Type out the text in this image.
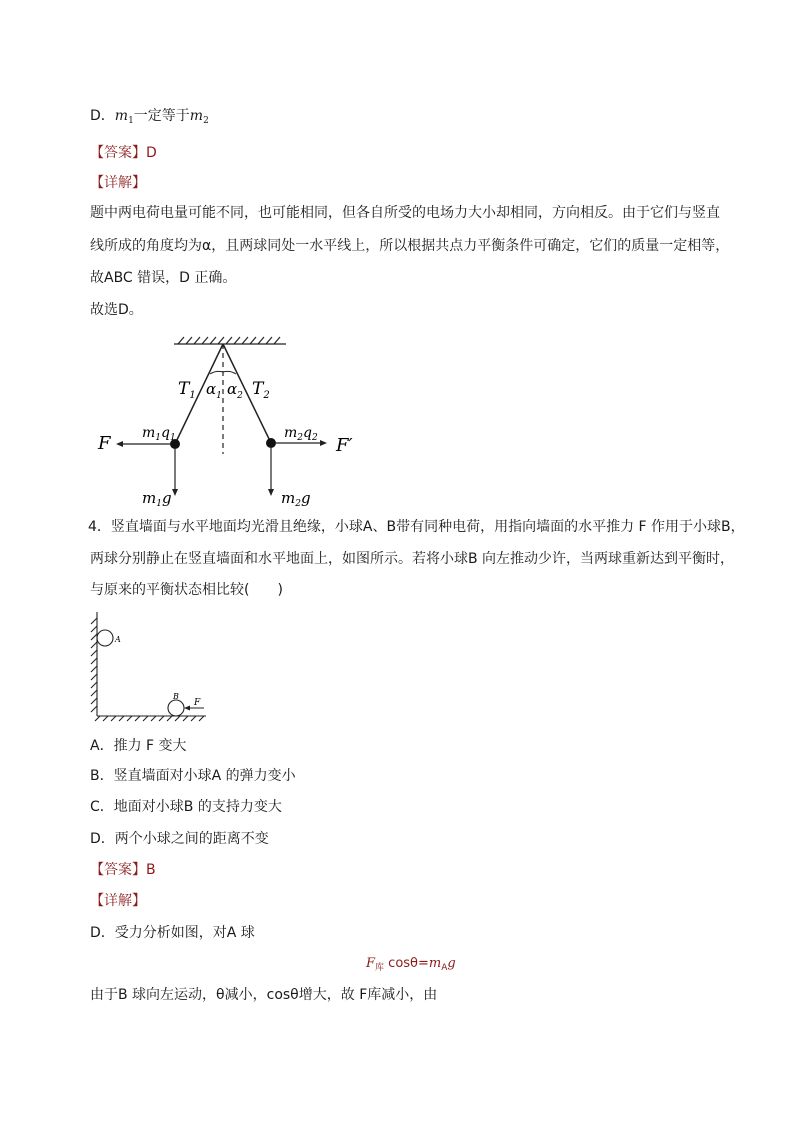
D．$m_1$一定等于$m_2$
【答案】D
【详解】
题中两电荷电量可能不同，也可能相同，但各自所受的电场力大小却相同，方向相反。由于它们与竖直
线所成的角度均为α，且两球同处一水平线上，所以根据共点力平衡条件可确定，它们的质量一定相等，
故ABC 错误，D 正确。
故选D。
$T_1$	$T_2$
$\alpha_1$ $\alpha_2$
$m_1q_1$	$m_2q_2$
F	F′
$m_1g$	$m_2g$
4．竖直墙面与水平地面均光滑且绝缘，小球A、B带有同种电荷，用指向墙面的水平推力 F 作用于小球B，
两球分别静止在竖直墙面和水平地面上，如图所示。若将小球B 向左推动少许，当两球重新达到平衡时，
与原来的平衡状态相比较(　　)
A
B
F
A．推力 F 变大
B．竖直墙面对小球A 的弹力变小
C．地面对小球B 的支持力变大
D．两个小球之间的距离不变
【答案】B
【详解】
D．受力分析如图，对A 球
$F_库$ $\cos\theta=m_Ag$
由于B 球向左运动，θ减小，cosθ增大，故 F库减小，由
